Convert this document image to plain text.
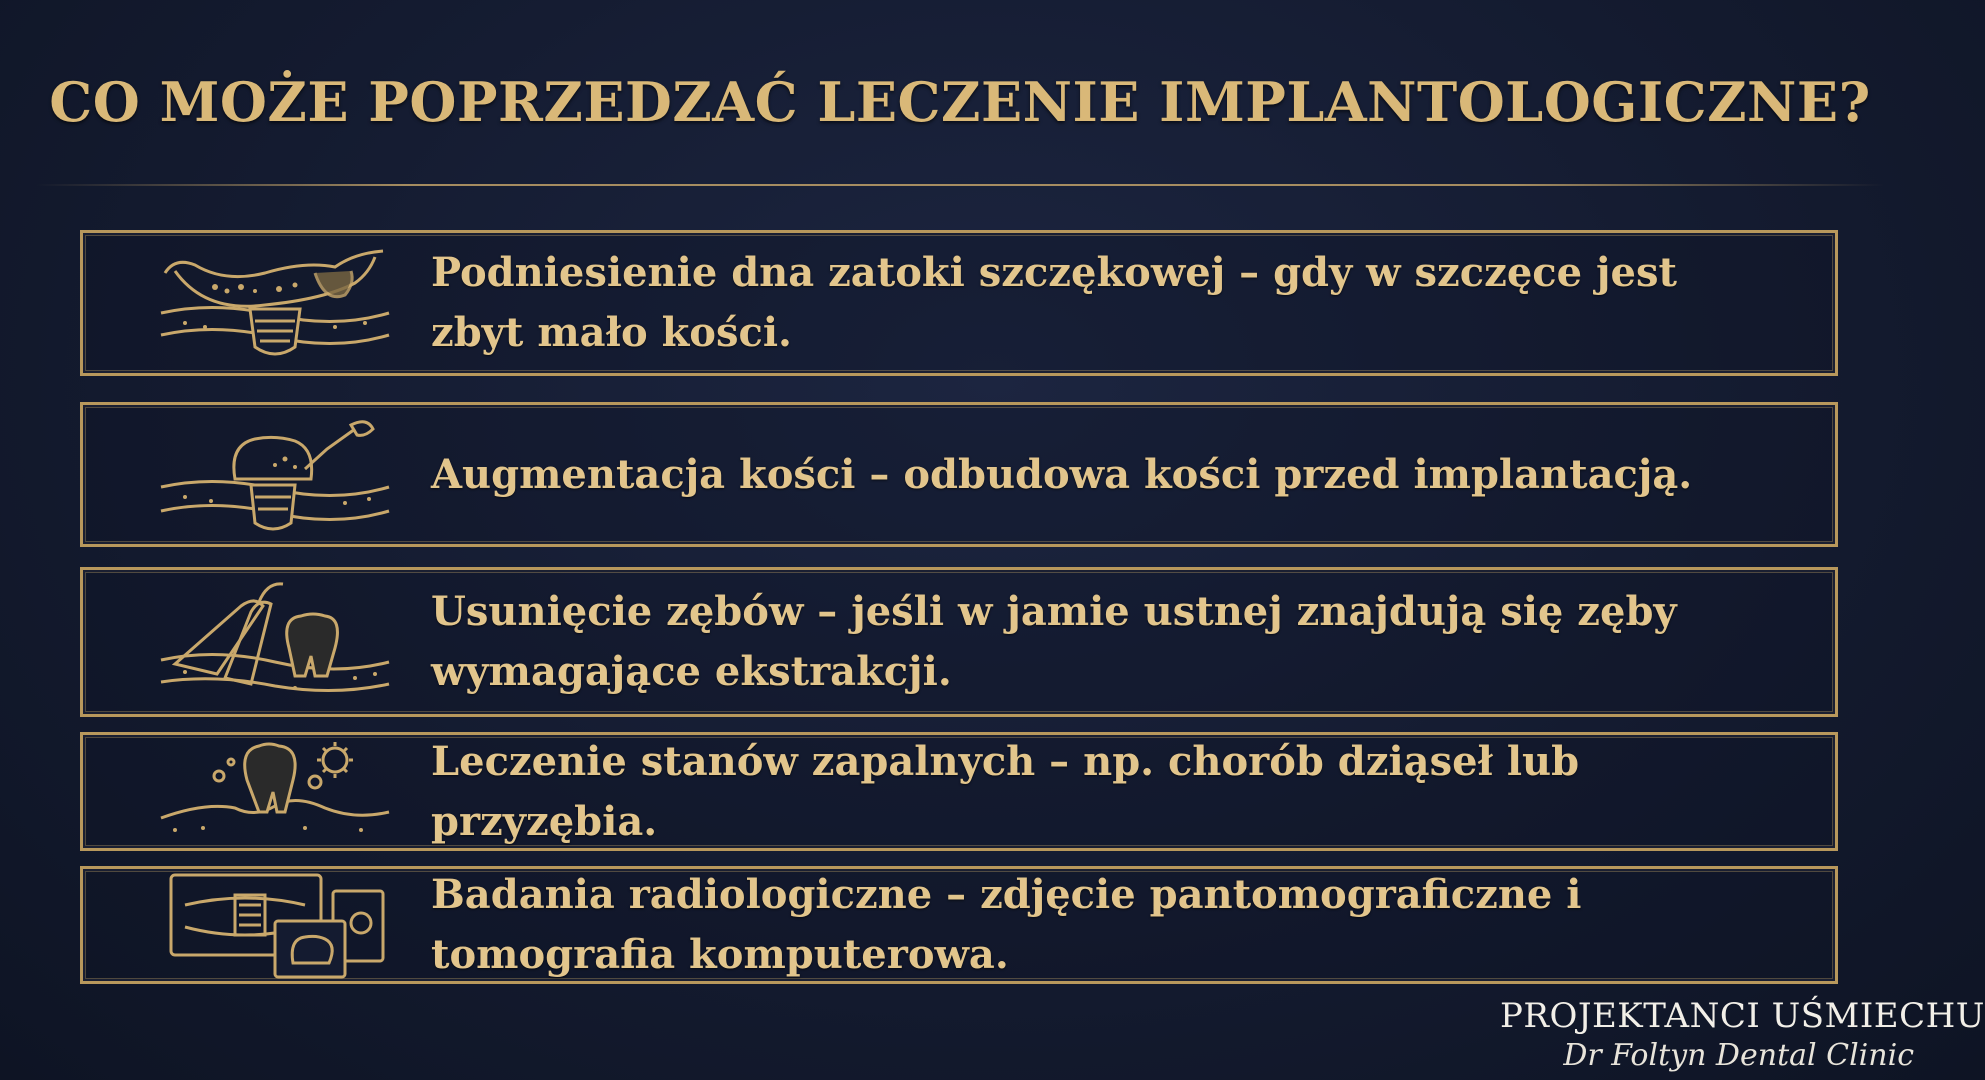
CO MOŻE POPRZEDZAĆ LECZENIE IMPLANTOLOGICZNE?
Podniesienie dna zatoki szczękowej – gdy w szczęce jest zbyt mało kości.
Augmentacja kości – odbudowa kości przed implantacją.
Usunięcie zębów – jeśli w jamie ustnej znajdują się zęby wymagające ekstrakcji.
Leczenie stanów zapalnych – np. chorób dziąseł lub przyzębia.
Badania radiologiczne – zdjęcie pantomograficzne i tomografia komputerowa.
PROJEKTANCI UŚMIECHU
Dr Foltyn Dental Clinic
